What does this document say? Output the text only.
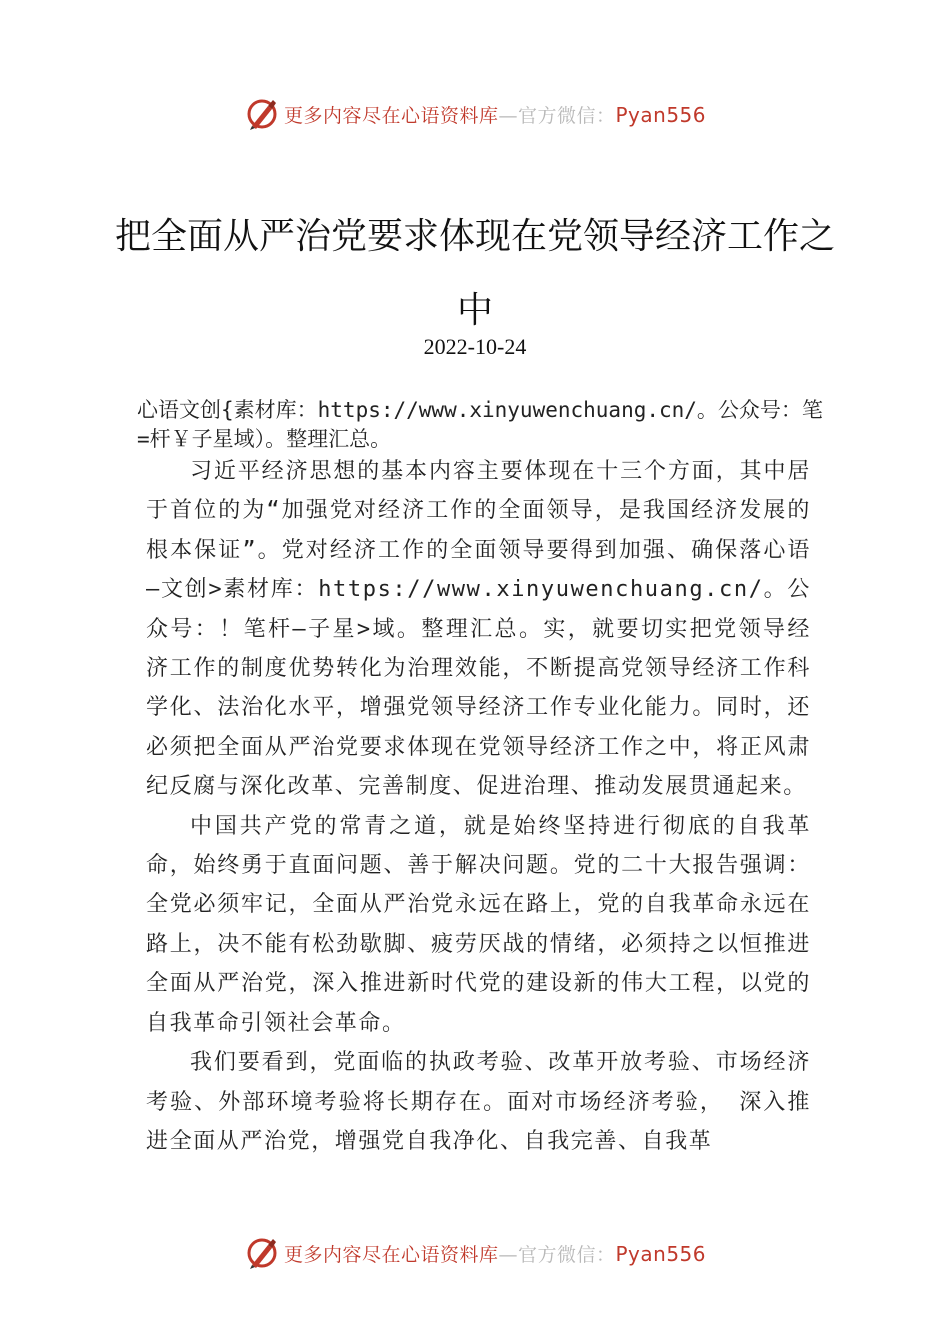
更多内容尽在心语资料库—官方微信：Pyan556
把全面从严治党要求体现在党领导经济工作之中
2022-10-24

心语文创{素材库：https://www.xinyuwenchuang.cn/。公众号：笔=杆￥子星域）。整理汇总。

习近平经济思想的基本内容主要体现在十三个方面，其中居于首位的为“加强党对经济工作的全面领导，是我国经济发展的根本保证”。党对经济工作的全面领导要得到加强、确保落心语—文创>素材库：https://www.xinyuwenchuang.cn/。公众号：！笔杆—子星>域。整理汇总。实，就要切实把党领导经济工作的制度优势转化为治理效能，不断提高党领导经济工作科学化、法治化水平，增强党领导经济工作专业化能力。同时，还必须把全面从严治党要求体现在党领导经济工作之中，将正风肃纪反腐与深化改革、完善制度、促进治理、推动发展贯通起来。

中国共产党的常青之道，就是始终坚持进行彻底的自我革命，始终勇于直面问题、善于解决问题。党的二十大报告强调：全党必须牢记，全面从严治党永远在路上，党的自我革命永远在路上，决不能有松劲歇脚、疲劳厌战的情绪，必须持之以恒推进全面从严治党，深入推进新时代党的建设新的伟大工程，以党的自我革命引领社会革命。

我们要看到，党面临的执政考验、改革开放考验、市场经济考验、外部环境考验将长期存在。面对市场经济考验， 深入推进全面从严治党，增强党自我净化、自我完善、自我革

更多内容尽在心语资料库—官方微信：Pyan556
